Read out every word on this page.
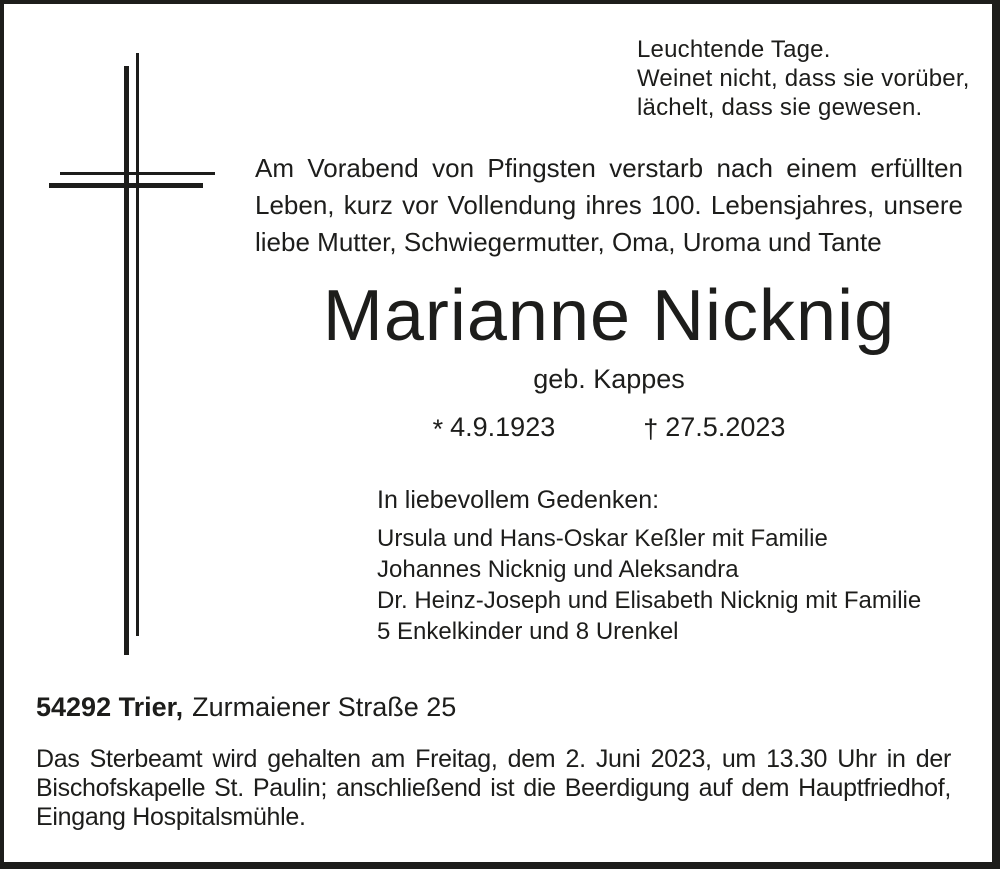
Leuchtende Tage.
Weinet nicht, dass sie vorüber,
lächelt, dass sie gewesen.
Am Vorabend von Pfingsten verstarb nach einem erfüllten
Leben, kurz vor Vollendung ihres 100. Lebensjahres, unsere
liebe Mutter, Schwiegermutter, Oma, Uroma und Tante
Marianne Nicknig
geb. Kappes
* 4.9.1923	† 27.5.2023
In liebevollem Gedenken:
Ursula und Hans-Oskar Keßler mit Familie
Johannes Nicknig und Aleksandra
Dr. Heinz-Joseph und Elisabeth Nicknig mit Familie
5 Enkelkinder und 8 Urenkel
54292 Trier, Zurmaiener Straße 25
Das Sterbeamt wird gehalten am Freitag, dem 2. Juni 2023, um 13.30 Uhr in der
Bischofskapelle St. Paulin; anschließend ist die Beerdigung auf dem Hauptfriedhof,
Eingang Hospitalsmühle.
